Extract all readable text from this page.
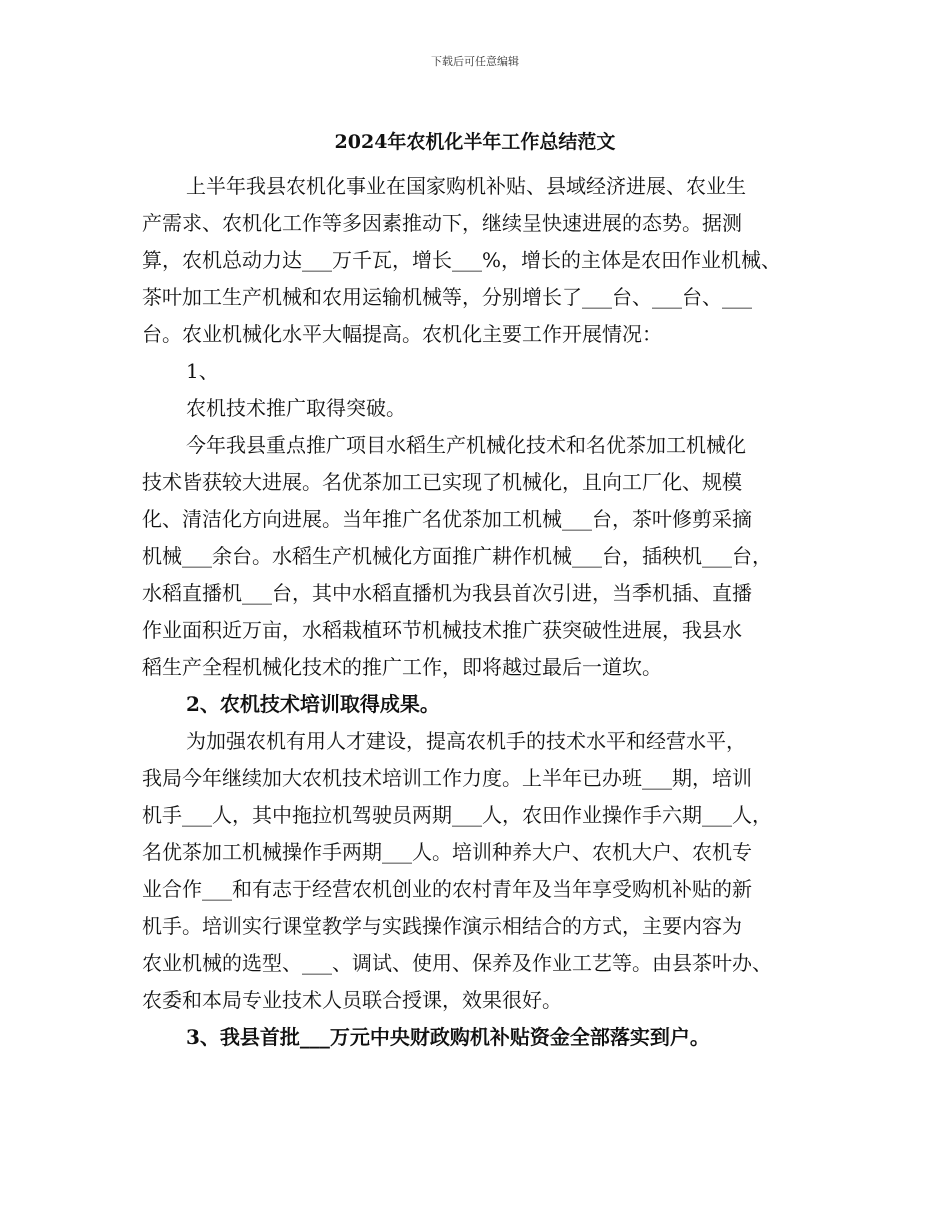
下载后可任意编辑
2024年农机化半年工作总结范文
上半年我县农机化事业在国家购机补贴、县域经济进展、农业生
产需求、农机化工作等多因素推动下，继续呈快速进展的态势。据测
算，农机总动力达___万千瓦，增长___%，增长的主体是农田作业机械、
茶叶加工生产机械和农用运输机械等，分别增长了___台、___台、___
台。农业机械化水平大幅提高。农机化主要工作开展情况：
1、
农机技术推广取得突破。
今年我县重点推广项目水稻生产机械化技术和名优茶加工机械化
技术皆获较大进展。名优茶加工已实现了机械化，且向工厂化、规模
化、清洁化方向进展。当年推广名优茶加工机械___台，茶叶修剪采摘
机械___余台。水稻生产机械化方面推广耕作机械___台，插秧机___台，
水稻直播机___台，其中水稻直播机为我县首次引进，当季机插、直播
作业面积近万亩，水稻栽植环节机械技术推广获突破性进展，我县水
稻生产全程机械化技术的推广工作，即将越过最后一道坎。
2、农机技术培训取得成果。
为加强农机有用人才建设，提高农机手的技术水平和经营水平，
我局今年继续加大农机技术培训工作力度。上半年已办班___期，培训
机手___人，其中拖拉机驾驶员两期___人，农田作业操作手六期___人，
名优茶加工机械操作手两期___人。培训种养大户、农机大户、农机专
业合作___和有志于经营农机创业的农村青年及当年享受购机补贴的新
机手。培训实行课堂教学与实践操作演示相结合的方式，主要内容为
农业机械的选型、___、调试、使用、保养及作业工艺等。由县茶叶办、
农委和本局专业技术人员联合授课，效果很好。
3、我县首批___万元中央财政购机补贴资金全部落实到户。
